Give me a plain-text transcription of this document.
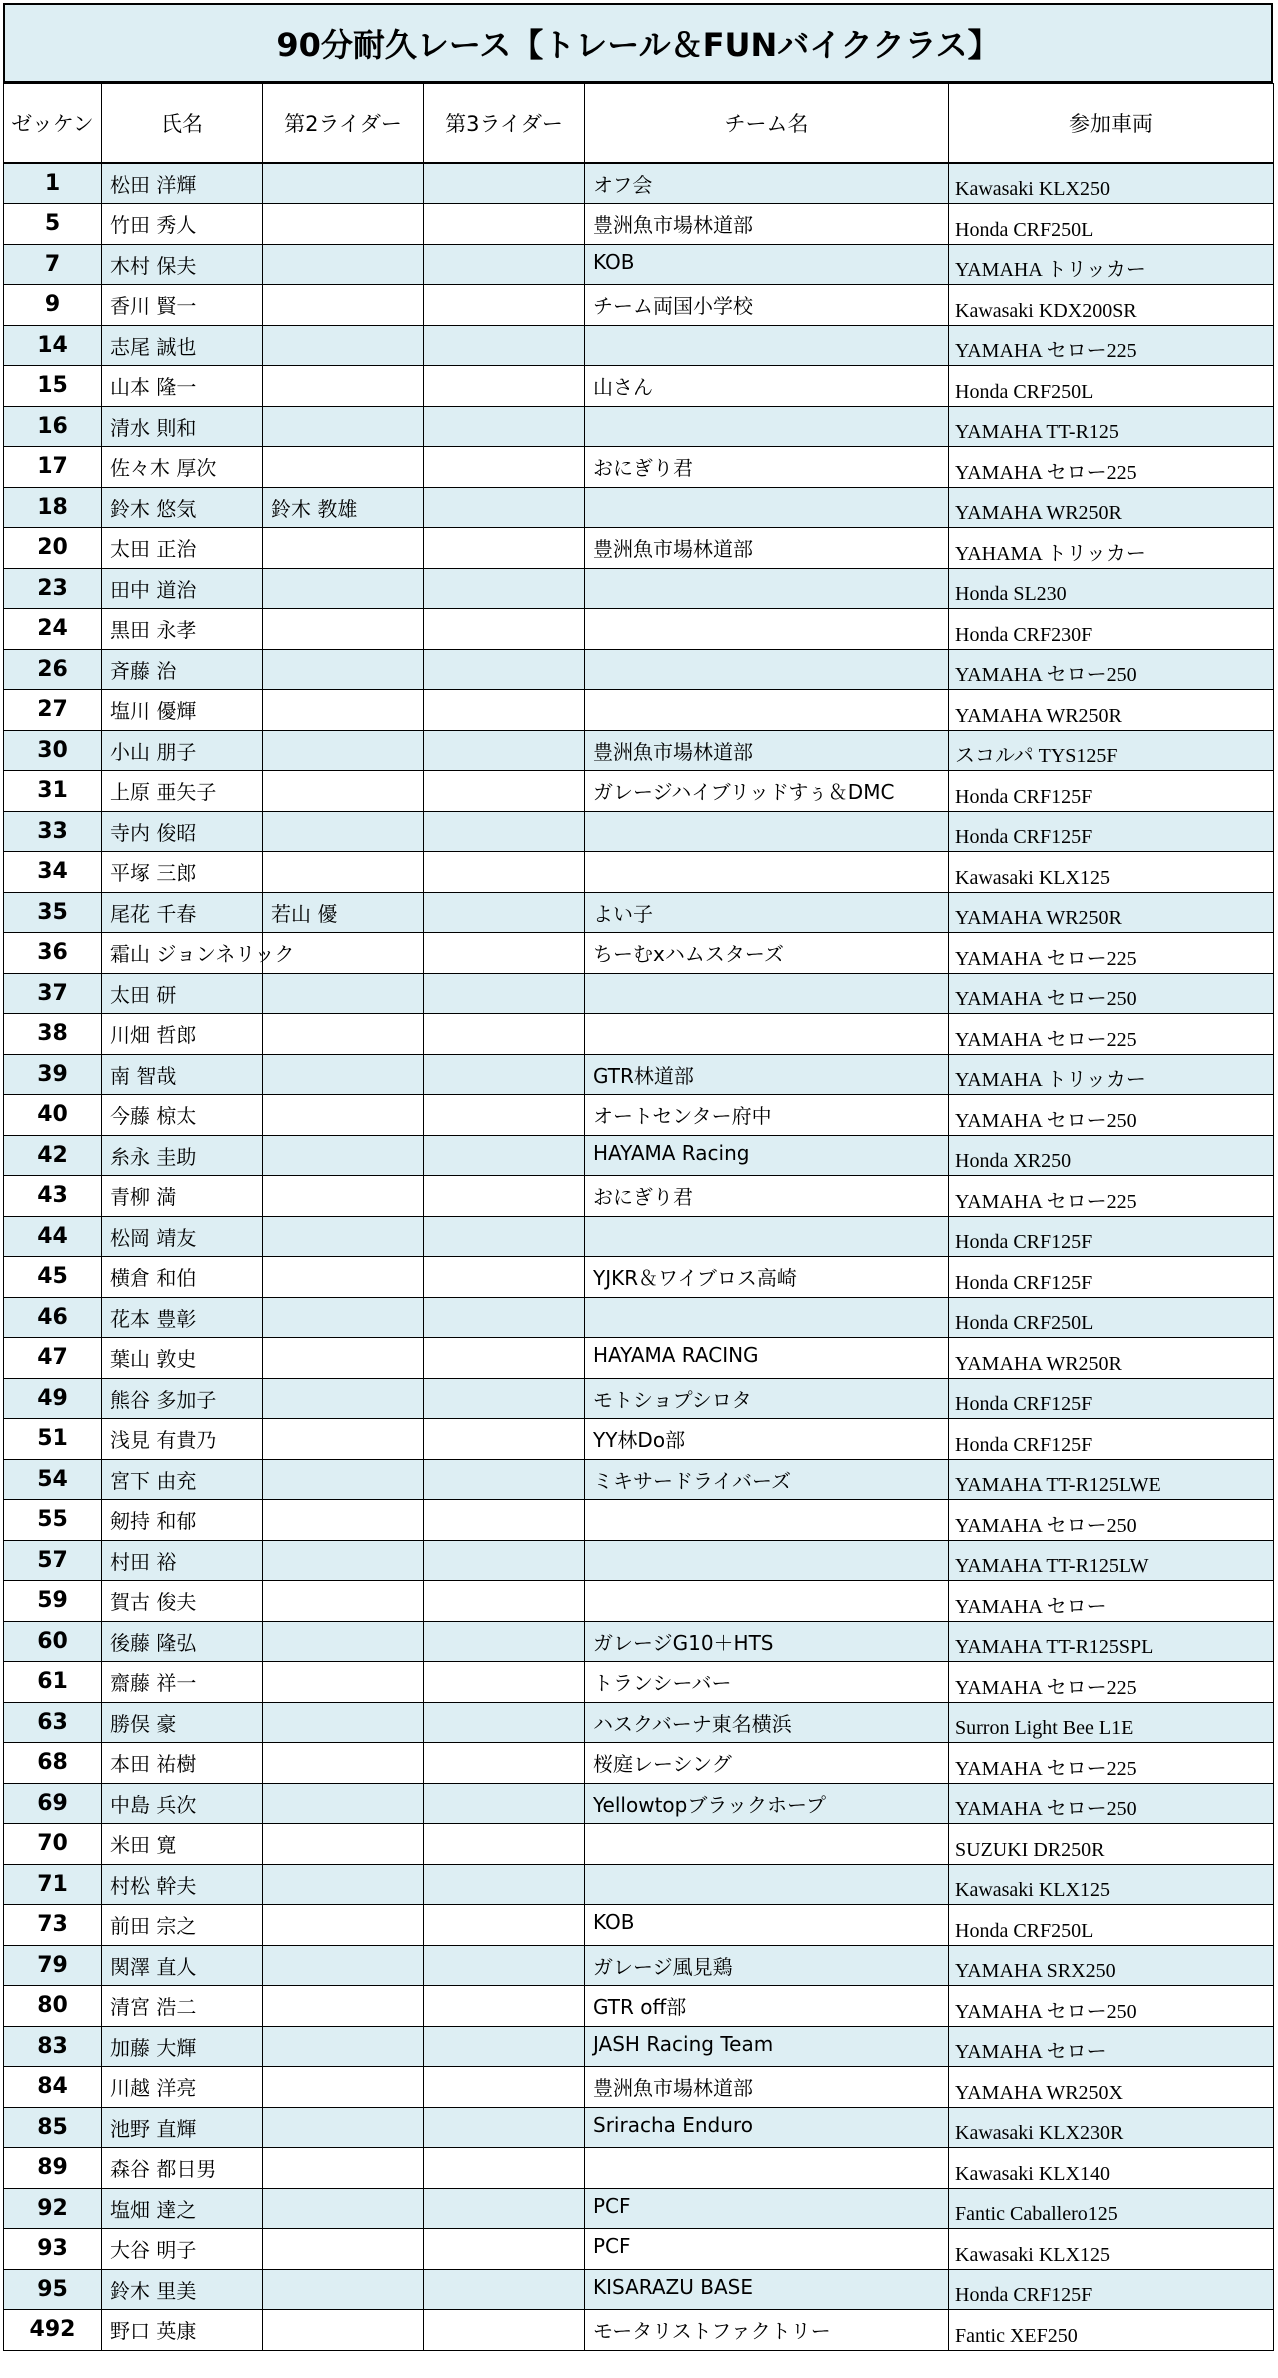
90分耐久レース【トレール＆FUNバイククラス】
ゼッケン	氏名	第2ライダー	第3ライダー	チーム名	参加車両
1	松田 洋輝			オフ会	Kawasaki KLX250
5	竹田 秀人			豊洲魚市場林道部	Honda CRF250L
7	木村 保夫			KOB	YAMAHA トリッカー
9	香川 賢一			チーム両国小学校	Kawasaki KDX200SR
14	志尾 誠也				YAMAHA セロー225
15	山本 隆一			山さん	Honda CRF250L
16	清水 則和				YAMAHA TT-R125
17	佐々木 厚次			おにぎり君	YAMAHA セロー225
18	鈴木 悠気	鈴木 教雄			YAMAHA WR250R
20	太田 正治			豊洲魚市場林道部	YAHAMA トリッカー
23	田中 道治				Honda SL230
24	黒田 永孝				Honda CRF230F
26	斉藤 治				YAMAHA セロー250
27	塩川 優輝				YAMAHA WR250R
30	小山 朋子			豊洲魚市場林道部	スコルパ TYS125F
31	上原 亜矢子			ガレージハイブリッドすぅ＆DMC	Honda CRF125F
33	寺内 俊昭				Honda CRF125F
34	平塚 三郎				Kawasaki KLX125
35	尾花 千春	若山 優		よい子	YAMAHA WR250R
36	霜山 ジョンネリック			ちーむxハムスターズ	YAMAHA セロー225
37	太田 研				YAMAHA セロー250
38	川畑 哲郎				YAMAHA セロー225
39	南 智哉			GTR林道部	YAMAHA トリッカー
40	今藤 椋太			オートセンター府中	YAMAHA セロー250
42	糸永 圭助			HAYAMA Racing	Honda XR250
43	青柳 満			おにぎり君	YAMAHA セロー225
44	松岡 靖友				Honda CRF125F
45	横倉 和伯			YJKR＆ワイブロス高崎	Honda CRF125F
46	花本 豊彰				Honda CRF250L
47	葉山 敦史			HAYAMA RACING	YAMAHA WR250R
49	熊谷 多加子			モトショプシロタ	Honda CRF125F
51	浅見 有貴乃			YY林Do部	Honda CRF125F
54	宮下 由充			ミキサードライバーズ	YAMAHA TT-R125LWE
55	剱持 和郁				YAMAHA セロー250
57	村田 裕				YAMAHA TT-R125LW
59	賀古 俊夫				YAMAHA セロー
60	後藤 隆弘			ガレージG10＋HTS	YAMAHA TT-R125SPL
61	齋藤 祥一			トランシーバー	YAMAHA セロー225
63	勝俣 豪			ハスクバーナ東名横浜	Surron Light Bee L1E
68	本田 祐樹			桜庭レーシング	YAMAHA セロー225
69	中島 兵次			Yellowtopブラックホープ	YAMAHA セロー250
70	米田 寛				SUZUKI DR250R
71	村松 幹夫				Kawasaki KLX125
73	前田 宗之			KOB	Honda CRF250L
79	関澤 直人			ガレージ風見鶏	YAMAHA SRX250
80	清宮 浩二			GTR off部	YAMAHA セロー250
83	加藤 大輝			JASH Racing Team	YAMAHA セロー
84	川越 洋亮			豊洲魚市場林道部	YAMAHA WR250X
85	池野 直輝			Sriracha Enduro	Kawasaki KLX230R
89	森谷 都日男				Kawasaki KLX140
92	塩畑 達之			PCF	Fantic Caballero125
93	大谷 明子			PCF	Kawasaki KLX125
95	鈴木 里美			KISARAZU BASE	Honda CRF125F
492	野口 英康			モータリストファクトリー	Fantic XEF250
